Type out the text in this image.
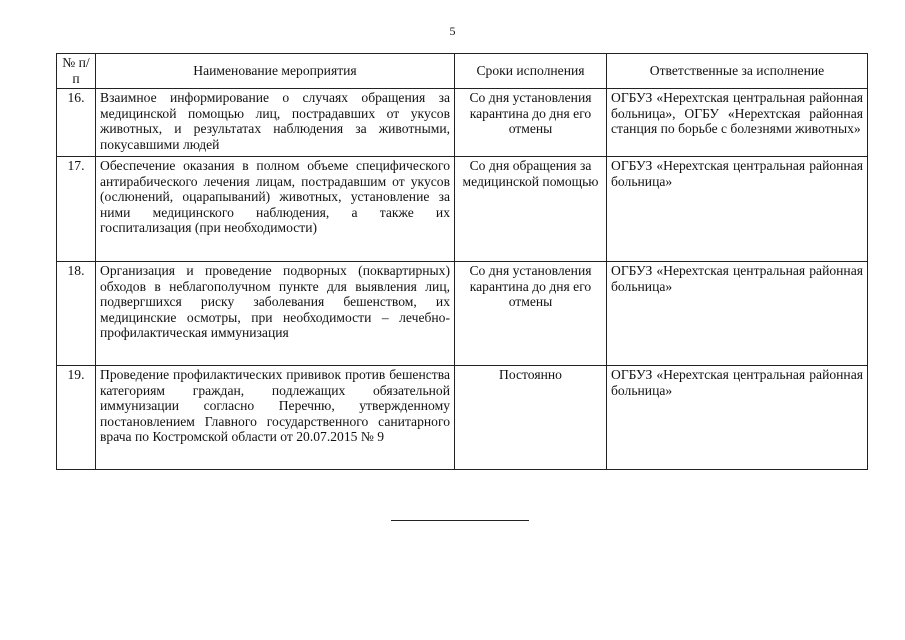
5
№ п/п	Наименование мероприятия	Сроки исполнения	Ответственные за исполнение
16.	Взаимное информирование о случаях обращения за медицинской помощью лиц, пострадавших от укусов животных, и результатах наблюдения за животными, покусавшими людей	Со дня установления карантина до дня его отмены	ОГБУЗ «Нерехтская центральная районная больница», ОГБУ «Нерехтская районная станция по борьбе с болезнями животных»
17.	Обеспечение оказания в полном объеме специфического антирабического лечения лицам, пострадавшим от укусов (ослюнений, оцарапываний) животных, установление за ними медицинского наблюдения, а также их госпитализация (при необходимости)	Со дня обращения за медицинской помощью	ОГБУЗ «Нерехтская центральная районная больница»
18.	Организация и проведение подворных (поквартирных) обходов в неблагополучном пункте для выявления лиц, подвергшихся риску заболевания бешенством, их медицинские осмотры, при необходимости – лечебно-профилактическая иммунизация	Со дня установления карантина до дня его отмены	ОГБУЗ «Нерехтская центральная районная больница»
19.	Проведение профилактических прививок против бешенства категориям граждан, подлежащих обязательной иммунизации согласно Перечню, утвержденному постановлением Главного государственного санитарного врача по Костромской области от 20.07.2015 № 9	Постоянно	ОГБУЗ «Нерехтская центральная районная больница»
